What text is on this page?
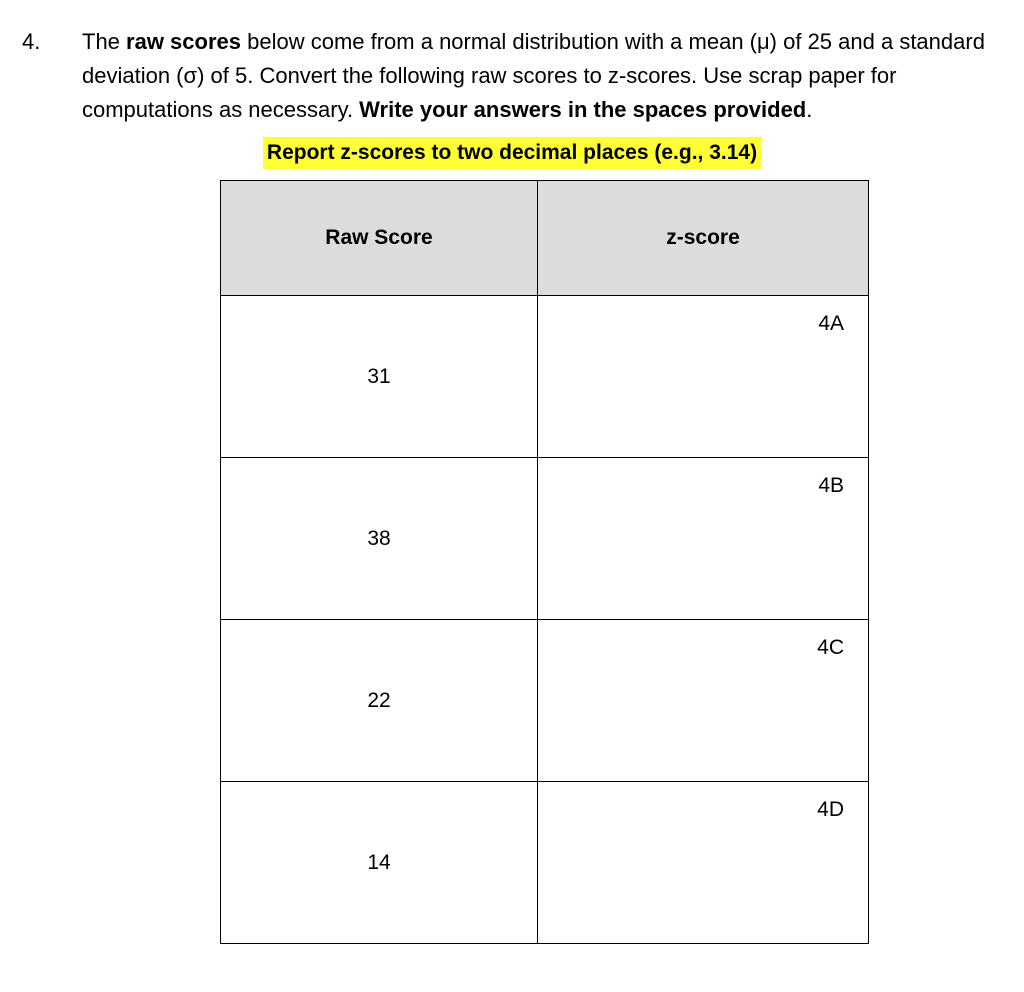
4. The raw scores below come from a normal distribution with a mean (μ) of 25 and a standard deviation (σ) of 5. Convert the following raw scores to z-scores. Use scrap paper for computations as necessary. Write your answers in the spaces provided.
Report z-scores to two decimal places (e.g., 3.14)
Raw Score	z-score
31	4A

38	4B

22	4C

14	4D
